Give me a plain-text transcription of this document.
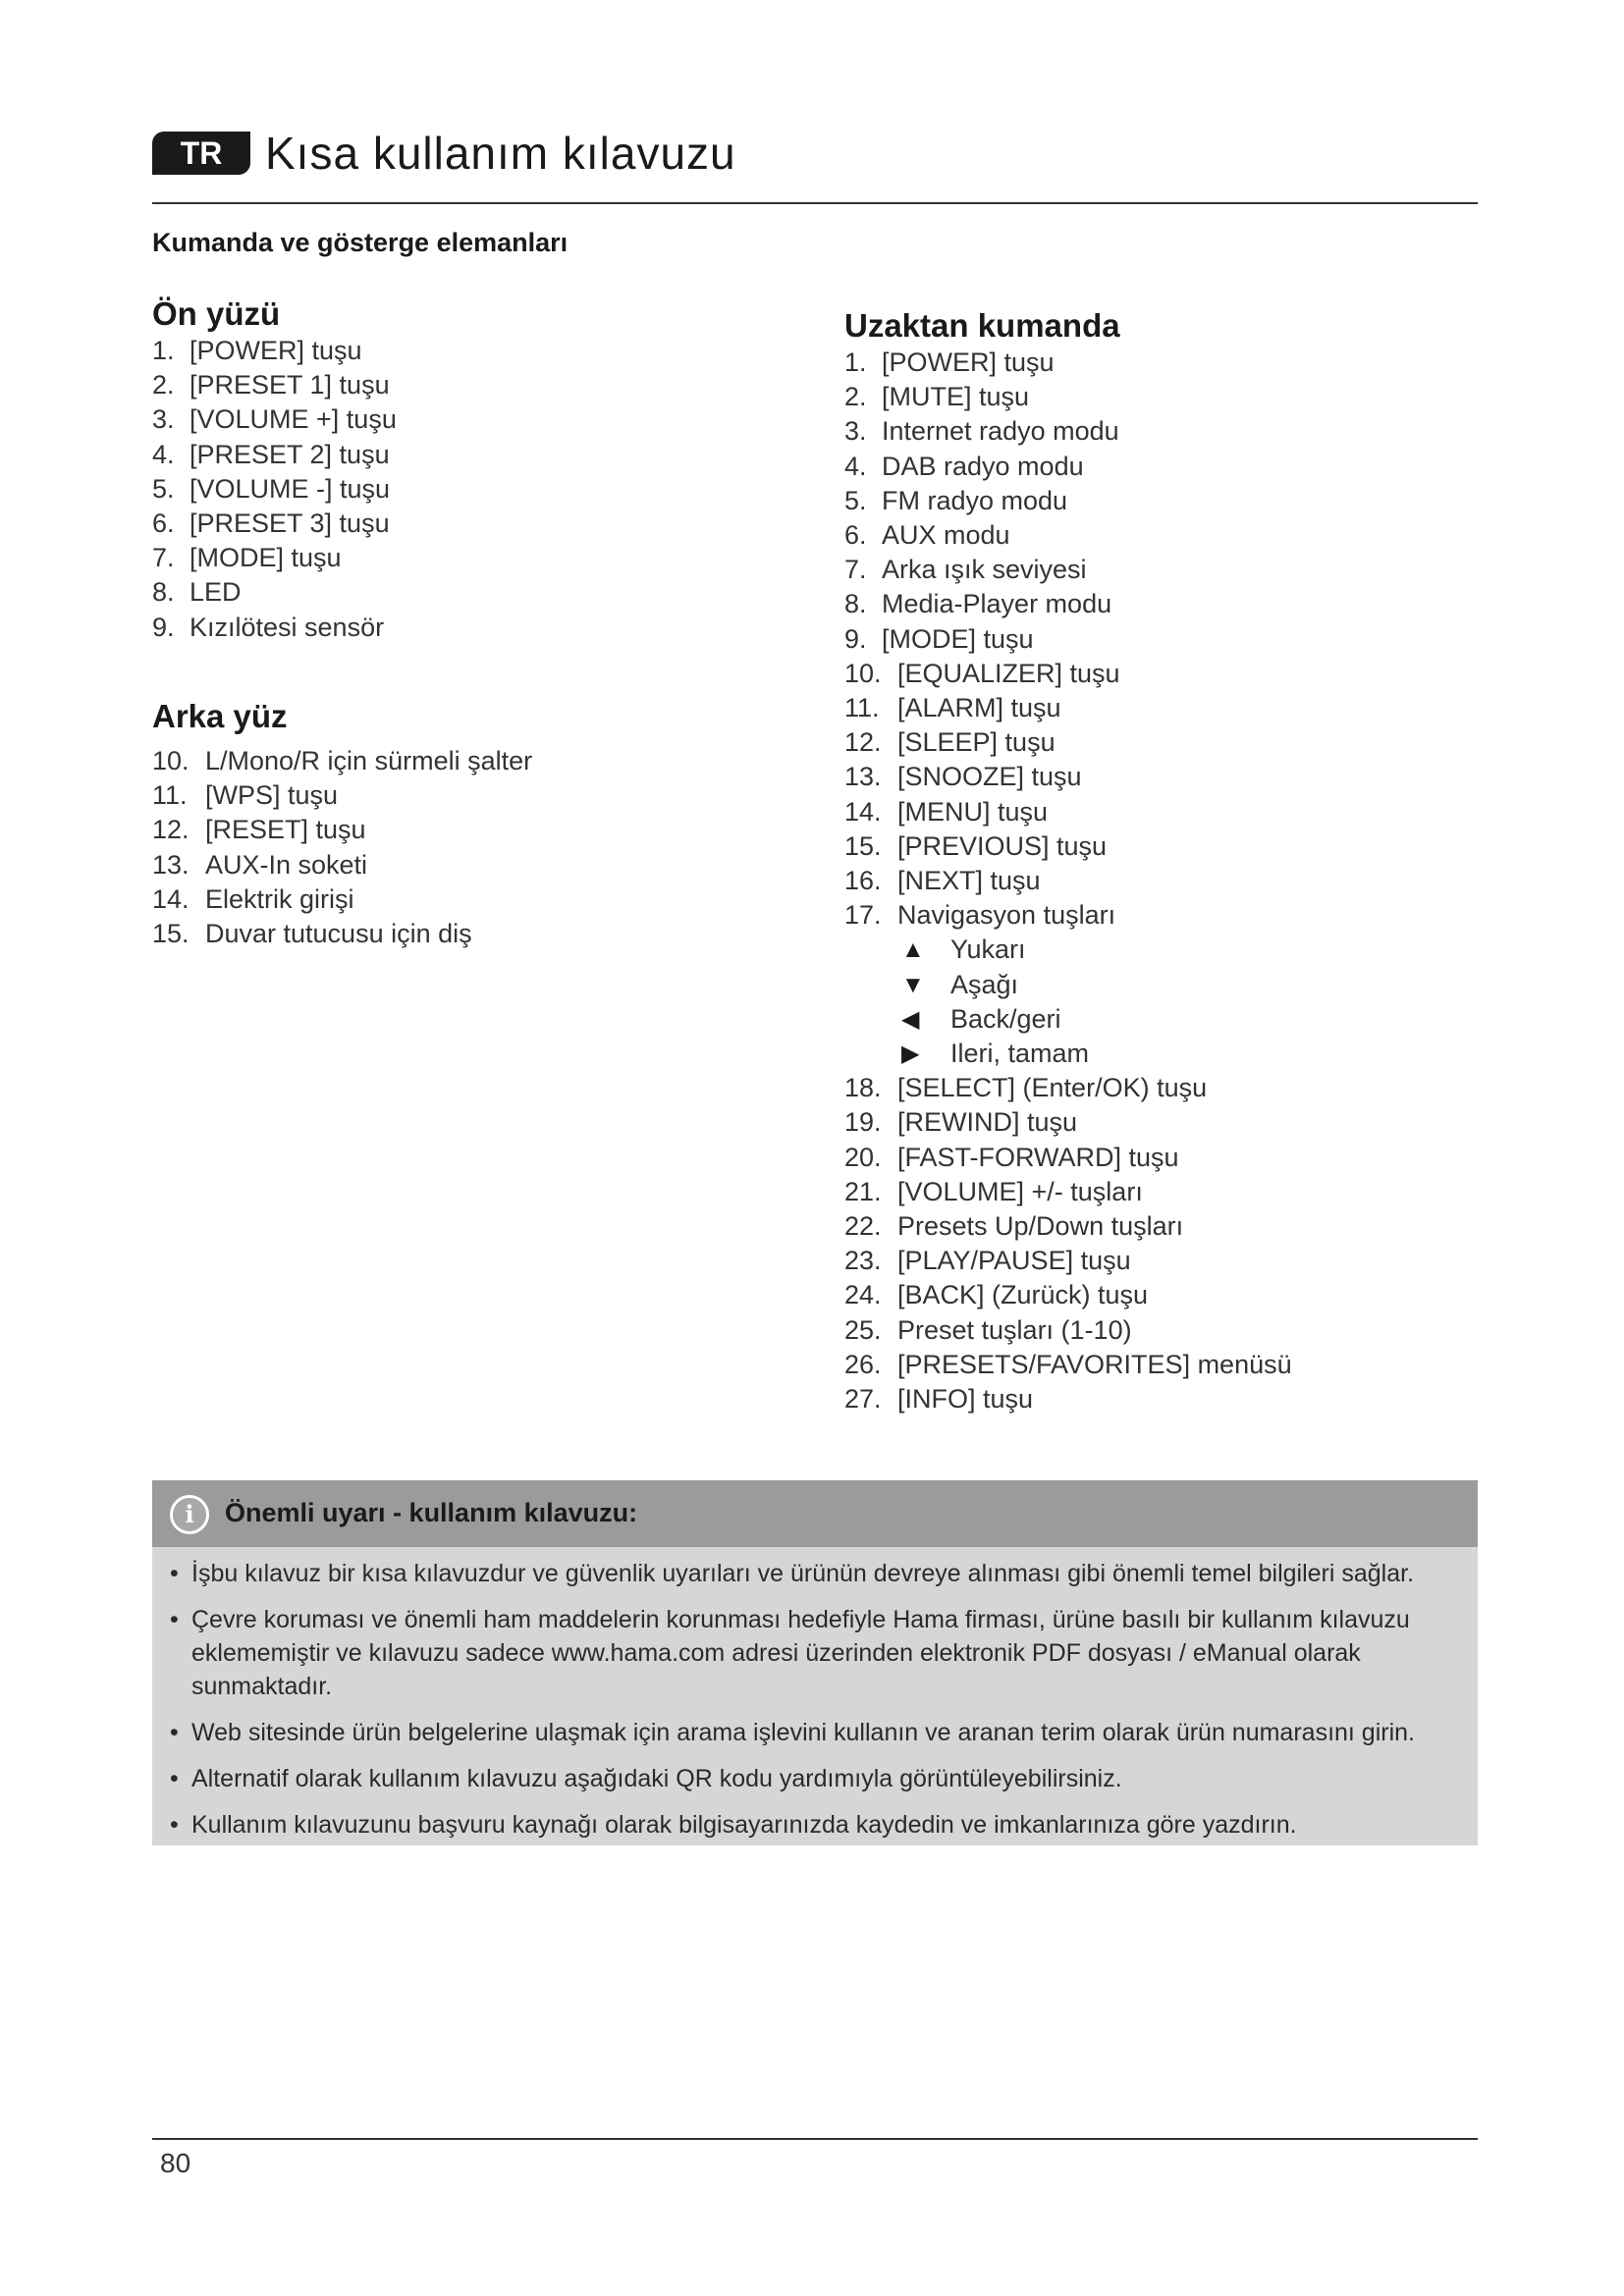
TR Kısa kullanım kılavuzu
Kumanda ve gösterge elemanları
Ön yüzü
1. [POWER] tuşu
2. [PRESET 1] tuşu
3. [VOLUME +] tuşu
4. [PRESET 2] tuşu
5. [VOLUME -] tuşu
6. [PRESET 3] tuşu
7. [MODE] tuşu
8. LED
9. Kızılötesi sensör
Arka yüz
10. L/Mono/R için sürmeli şalter
11. [WPS] tuşu
12. [RESET] tuşu
13. AUX-In soketi
14. Elektrik girişi
15. Duvar tutucusu için diş
Uzaktan kumanda
1. [POWER] tuşu
2. [MUTE] tuşu
3. Internet radyo modu
4. DAB radyo modu
5. FM radyo modu
6. AUX modu
7. Arka ışık seviyesi
8. Media-Player modu
9. [MODE] tuşu
10. [EQUALIZER] tuşu
11. [ALARM] tuşu
12. [SLEEP] tuşu
13. [SNOOZE] tuşu
14. [MENU] tuşu
15. [PREVIOUS] tuşu
16. [NEXT] tuşu
17. Navigasyon tuşları
▲ Yukarı
▼ Aşağı
◀	Back/geri
▶	Ileri, tamam
18. [SELECT] (Enter/OK) tuşu
19. [REWIND] tuşu
20. [FAST-FORWARD] tuşu
21. [VOLUME] +/- tuşları
22. Presets Up/Down tuşları
23. [PLAY/PAUSE] tuşu
24. [BACK] (Zurück) tuşu
25. Preset tuşları (1-10)
26. [PRESETS/FAVORITES] menüsü
27. [INFO] tuşu
i	Önemli uyarı - kullanım kılavuzu:
• İşbu kılavuz bir kısa kılavuzdur ve güvenlik uyarıları ve ürünün devreye alınması gibi önemli temel bilgileri sağlar.
• Çevre koruması ve önemli ham maddelerin korunması hedefiyle Hama firması, ürüne basılı bir kullanım kılavuzu eklememiştir ve kılavuzu sadece www.hama.com adresi üzerinden elektronik PDF dosyası / eManual olarak sunmaktadır.
• Web sitesinde ürün belgelerine ulaşmak için arama işlevini kullanın ve aranan terim olarak ürün numarasını girin.
• Alternatif olarak kullanım kılavuzu aşağıdaki QR kodu yardımıyla görüntüleyebilirsiniz.
• Kullanım kılavuzunu başvuru kaynağı olarak bilgisayarınızda kaydedin ve imkanlarınıza göre yazdırın.
80
